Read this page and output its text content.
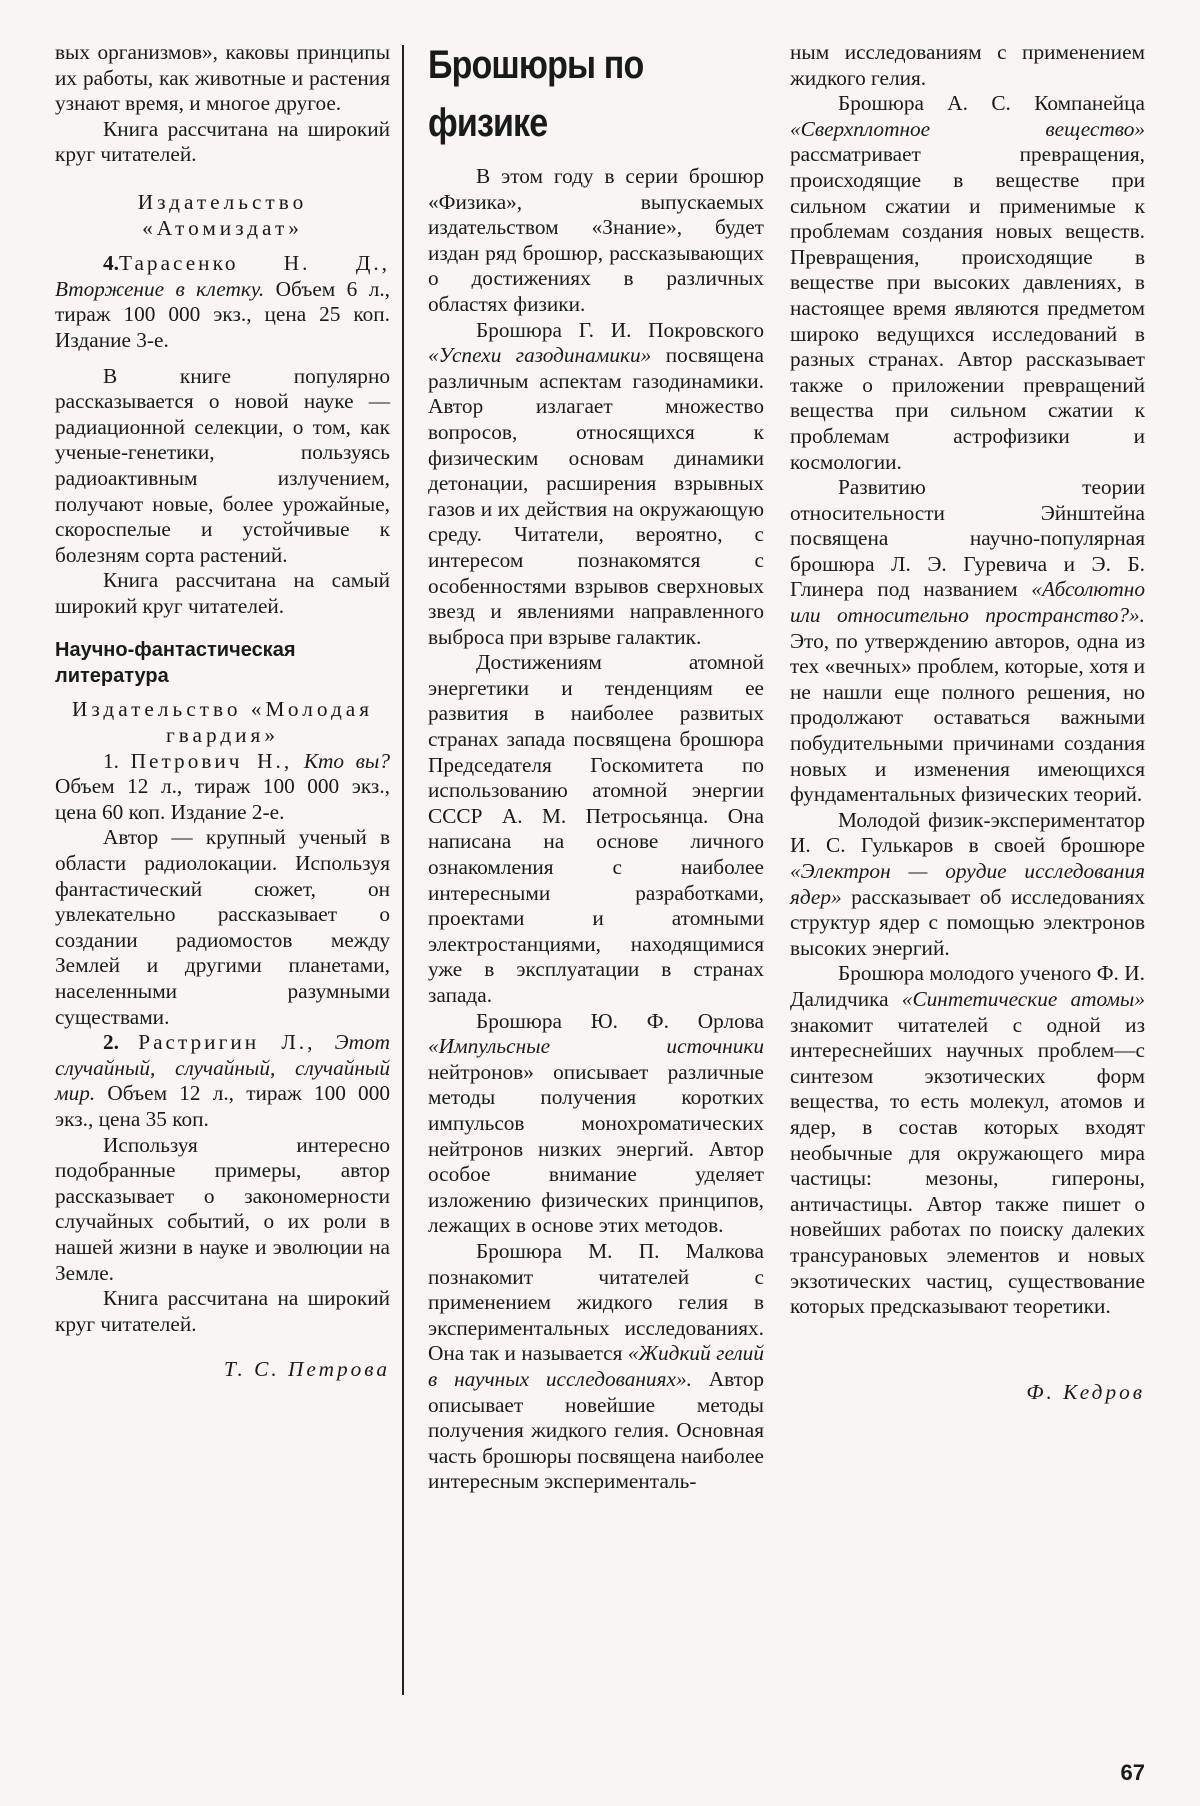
вых организмов», каковы принципы их работы, как животные и растения узнают время, и многое другое.

Книга рассчитана на широкий круг читателей.

Издательство «Атомиздат»

4.Тарасенко Н. Д., Вторжение в клетку. Объем 6 л., тираж 100 000 экз., цена 25 коп. Издание 3-е.

В книге популярно рассказывается о новой науке — радиационной селекции, о том, как ученые-генетики, пользуясь радиоактивным излучением, получают новые, более урожайные, скороспелые и устойчивые к болезням сорта растений.

Книга рассчитана на самый широкий круг читателей.

Научно-фантастическая литература

Издательство «Молодая гвардия»

1. Петрович Н., Кто вы? Объем 12 л., тираж 100 000 экз., цена 60 коп. Издание 2-е.

Автор — крупный ученый в области радиолокации. Используя фантастический сюжет, он увлекательно рассказывает о создании радиомостов между Землей и другими планетами, населенными разумными существами.

2. Растригин Л., Этот случайный, случайный, случайный мир. Объем 12 л., тираж 100 000 экз., цена 35 коп.

Используя интересно подобранные примеры, автор рассказывает о закономерности случайных событий, о их роли в нашей жизни в науке и эволюции на Земле.

Книга рассчитана на широкий круг читателей.

Т. С. Петрова
Брошюры по физике

В этом году в серии брошюр «Физика», выпускаемых издательством «Знание», будет издан ряд брошюр, рассказывающих о достижениях в различных областях физики.

Брошюра Г. И. Покровского «Успехи газодинамики» посвящена различным аспектам газодинамики. Автор излагает множество вопросов, относящихся к физическим основам динамики детонации, расширения взрывных газов и их действия на окружающую среду. Читатели, вероятно, с интересом познакомятся с особенностями взрывов сверхновых звезд и явлениями направленного выброса при взрыве галактик.

Достижениям атомной энергетики и тенденциям ее развития в наиболее развитых странах запада посвящена брошюра Председателя Госкомитета по использованию атомной энергии СССР А. М. Петросьянца. Она написана на основе личного ознакомления с наиболее интересными разработками, проектами и атомными электростанциями, находящимися уже в эксплуатации в странах запада.

Брошюра Ю. Ф. Орлова «Импульсные источники нейтронов» описывает различные методы получения коротких импульсов монохроматических нейтронов низких энергий. Автор особое внимание уделяет изложению физических принципов, лежащих в основе этих методов.

Брошюра М. П. Малкова познакомит читателей с применением жидкого гелия в экспериментальных исследованиях. Она так и называется «Жидкий гелий в научных исследованиях». Автор описывает новейшие методы получения жидкого гелия. Основная часть брошюры посвящена наиболее интересным эксперименталь-

ным исследованиям с применением жидкого гелия.

Брошюра А. С. Компанейца «Сверхплотное вещество» рассматривает превращения, происходящие в веществе при сильном сжатии и применимые к проблемам создания новых веществ. Превращения, происходящие в веществе при высоких давлениях, в настоящее время являются предметом широко ведущихся исследований в разных странах. Автор рассказывает также о приложении превращений вещества при сильном сжатии к проблемам астрофизики и космологии.

Развитию теории относительности Эйнштейна посвящена научно-популярная брошюра Л. Э. Гуревича и Э. Б. Глинера под названием «Абсолютно или относительно пространство?». Это, по утверждению авторов, одна из тех «вечных» проблем, которые, хотя и не нашли еще полного решения, но продолжают оставаться важными побудительными причинами создания новых и изменения имеющихся фундаментальных физических теорий.

Молодой физик-экспериментатор И. С. Гулькаров в своей брошюре «Электрон — орудие исследования ядер» рассказывает об исследованиях структур ядер с помощью электронов высоких энергий.

Брошюра молодого ученого Ф. И. Далидчика «Синтетические атомы» знакомит читателей с одной из интереснейших научных проблем—с синтезом экзотических форм вещества, то есть молекул, атомов и ядер, в состав которых входят необычные для окружающего мира частицы: мезоны, гипероны, античастицы. Автор также пишет о новейших работах по поиску далеких трансурановых элементов и новых экзотических частиц, существование которых предсказывают теоретики.

Ф. Кедров
67
